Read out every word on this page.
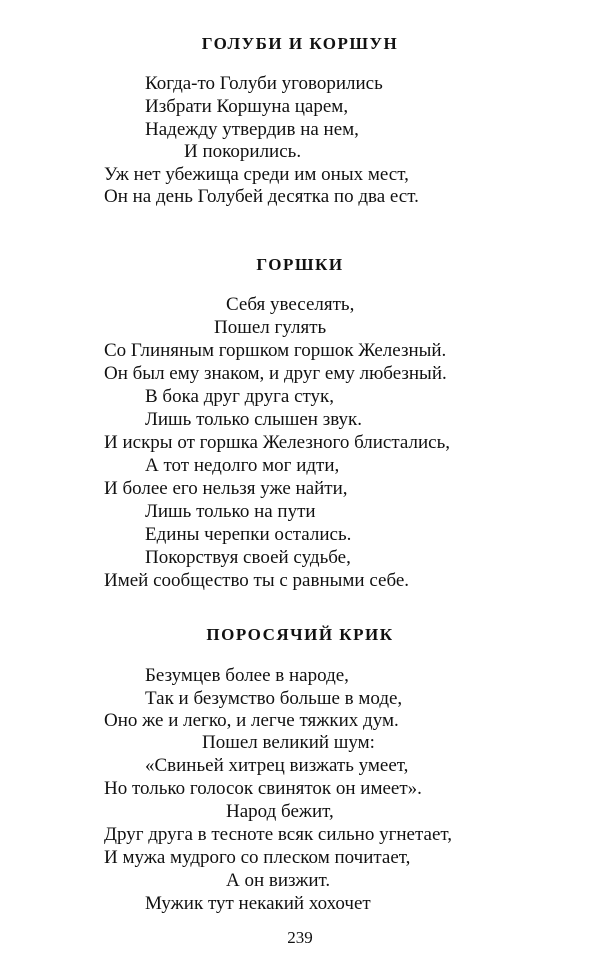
ГОЛУБИ И КОРШУН
Когда-то Голуби уговорились
Избрати Коршуна царем,
Надежду утвердив на нем,
И покорились.
Уж нет убежища среди им оных мест,
Он на день Голубей десятка по два ест.
ГОРШКИ
Себя увеселять,
Пошел гулять
Со Глиняным горшком горшок Железный.
Он был ему знаком, и друг ему любезный.
В бока друг друга стук,
Лишь только слышен звук.
И искры от горшка Железного блистались,
А тот недолго мог идти,
И более его нельзя уже найти,
Лишь только на пути
Едины черепки остались.
Покорствуя своей судьбе,
Имей сообщество ты с равными себе.
ПОРОСЯЧИЙ КРИК
Безумцев более в народе,
Так и безумство больше в моде,
Оно же и легко, и легче тяжких дум.
Пошел великий шум:
«Свиньей хитрец визжать умеет,
Но только голосок свиняток он имеет».
Народ бежит,
Друг друга в тесноте всяк сильно угнетает,
И мужа мудрого со плеском почитает,
А он визжит.
Мужик тут некакий хохочет
239
